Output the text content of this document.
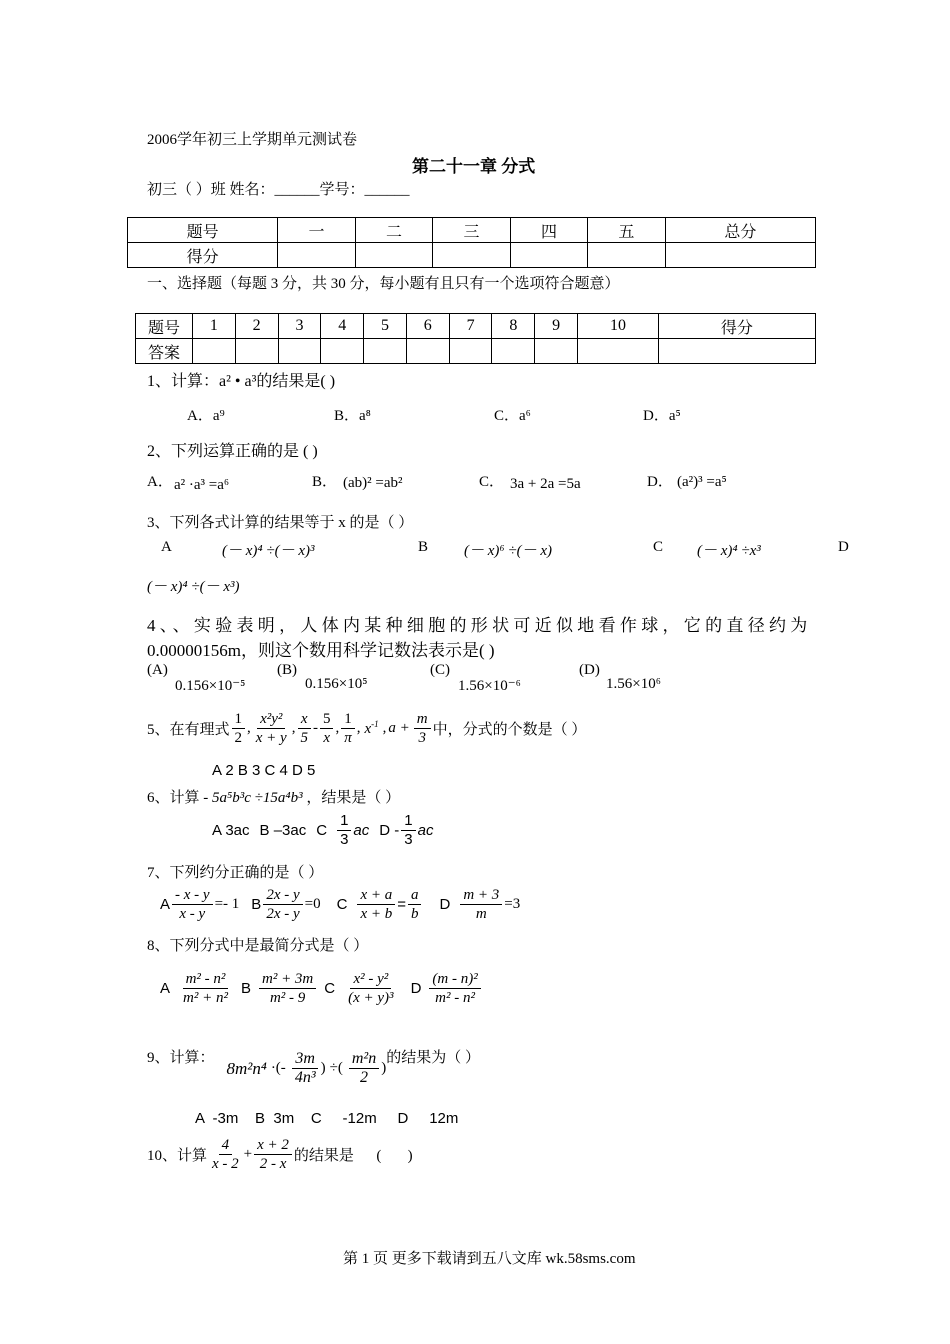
2006学年初三上学期单元测试卷
第二十一章 分式
初三（ ）班 姓名：______学号：______
题号	一	二	三	四	五	总分
得分						
一、选择题（每题 3 分，共 30 分，每小题有且只有一个选项符合题意）
题号	1	2	3	4	5	6	7	8	9	10	得分
答案											
1、计算：a² • a³的结果是( )
A．a⁹	B．a⁸	C．a⁶	D．a⁵
2、下列运算正确的是 ( )
A． a² ·a³ =a⁶	B． (ab)² =ab²	C． 3a + 2a =5a	D． (a²)³ =a⁵
3、下列各式计算的结果等于 x 的是（ ）
A	(－ x)⁴ ÷(－ x)³	B (－ x)⁶ ÷(－ x)	C (－ x)⁴ ÷x³	D
(－ x)⁴ ÷(－ x³)
4、、实验表明，人体内某种细胞的形状可近似地看作球，它的直径约为
0.00000156m，则这个数用科学记数法表示是( )
(A)
0.156×10⁻⁵
(B)
0.156×10⁵
(C)
1.56×10⁻⁶
(D)
1.56×10⁶
5、在有理式 $\frac{1}{2}$ , $\frac{\text{x²y²}}{x + y}$ , $\frac{x}{5} - \frac{5}{x}$ , $\frac{1}{\pi}$ , $x^{-1}$ , $a + \frac{m}{3}$ 中，分式的个数是（ ）
A 2 B 3 C 4 D 5
6、计算 - 5a⁵b³c ÷15a⁴b³ ，结果是（ ）
A 3ac B –3ac C $\frac{1}{3}$ ac D - $\frac{1}{3}$ ac
7、下列约分正确的是（ ）
A $\frac{- x - y}{x - y} =- 1$ B $\frac{2x - y}{2x - y} =0$ C $\frac{x + a}{x + b} = \frac{a}{b}$ D $\frac{m + 3}{m} =3$
8、下列分式中是最简分式是（ ）
A $\frac{\text{m² - n²}}{\text{m² + n²}}$ B $\frac{\text{m² + 3m}}{\text{m² - 9}}$ C $\frac{\text{x² - y²}}{\text{(x + y)³}}$ D $\frac{\text{(m - n)²}}{\text{m² - n²}}$
9、计算：
8m²n⁴ ·(- $\frac{3m}{\text{4n³}}$ ) ÷( $\frac{\text{m²n}}{2}$ )
的结果为（ ）
A  -3m    B  3m    C     -12m     D     12m
10、计算 $\frac{4}{x - 2} + \frac{x + 2}{2 - x}$ 的结果是      (       )
第 1 页 更多下载请到五八文库 wk.58sms.com
